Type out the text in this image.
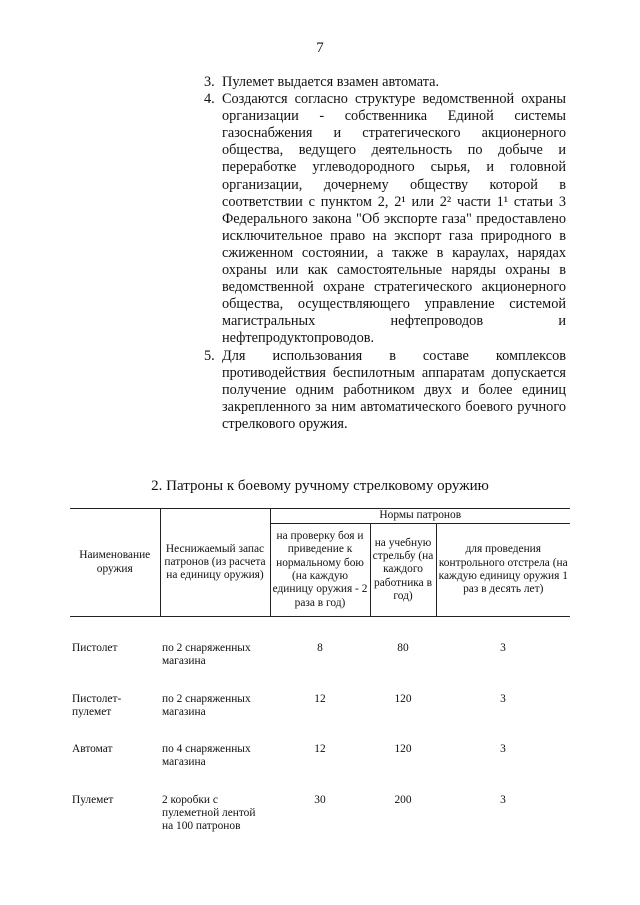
7
3. Пулемет выдается взамен автомата.
4. Создаются согласно структуре ведомственной охраны организации - собственника Единой системы газоснабжения и стратегического акционерного общества, ведущего деятельность по добыче и переработке углеводородного сырья, и головной организации, дочернему обществу которой в соответствии с пунктом 2, 2¹ или 2² части 1¹ статьи 3 Федерального закона "Об экспорте газа" предоставлено исключительное право на экспорт газа природного в сжиженном состоянии, а также в караулах, нарядах охраны или как самостоятельные наряды охраны в ведомственной охране стратегического акционерного общества, осуществляющего управление системой магистральных нефтепроводов и нефтепродуктопроводов.
5. Для использования в составе комплексов противодействия беспилотным аппаратам допускается получение одним работником двух и более единиц закрепленного за ним автоматического боевого ручного стрелкового оружия.
2. Патроны к боевому ручному стрелковому оружию
Наименование оружия	Неснижаемый запас патронов (из расчета на единицу оружия)	Нормы патронов		
		на проверку боя и приведение к нормальному бою (на каждую единицу оружия - 2 раза в год)	на учебную стрельбу (на каждого работника в год)	для проведения контрольного отстрела (на каждую единицу оружия 1 раз в десять лет)
Пистолет	по 2 снаряженных магазина	8	80	3
Пистолет-пулемет	по 2 снаряженных магазина	12	120	3
Автомат	по 4 снаряженных магазина	12	120	3
Пулемет	2 коробки с пулеметной лентой на 100 патронов	30	200	3
